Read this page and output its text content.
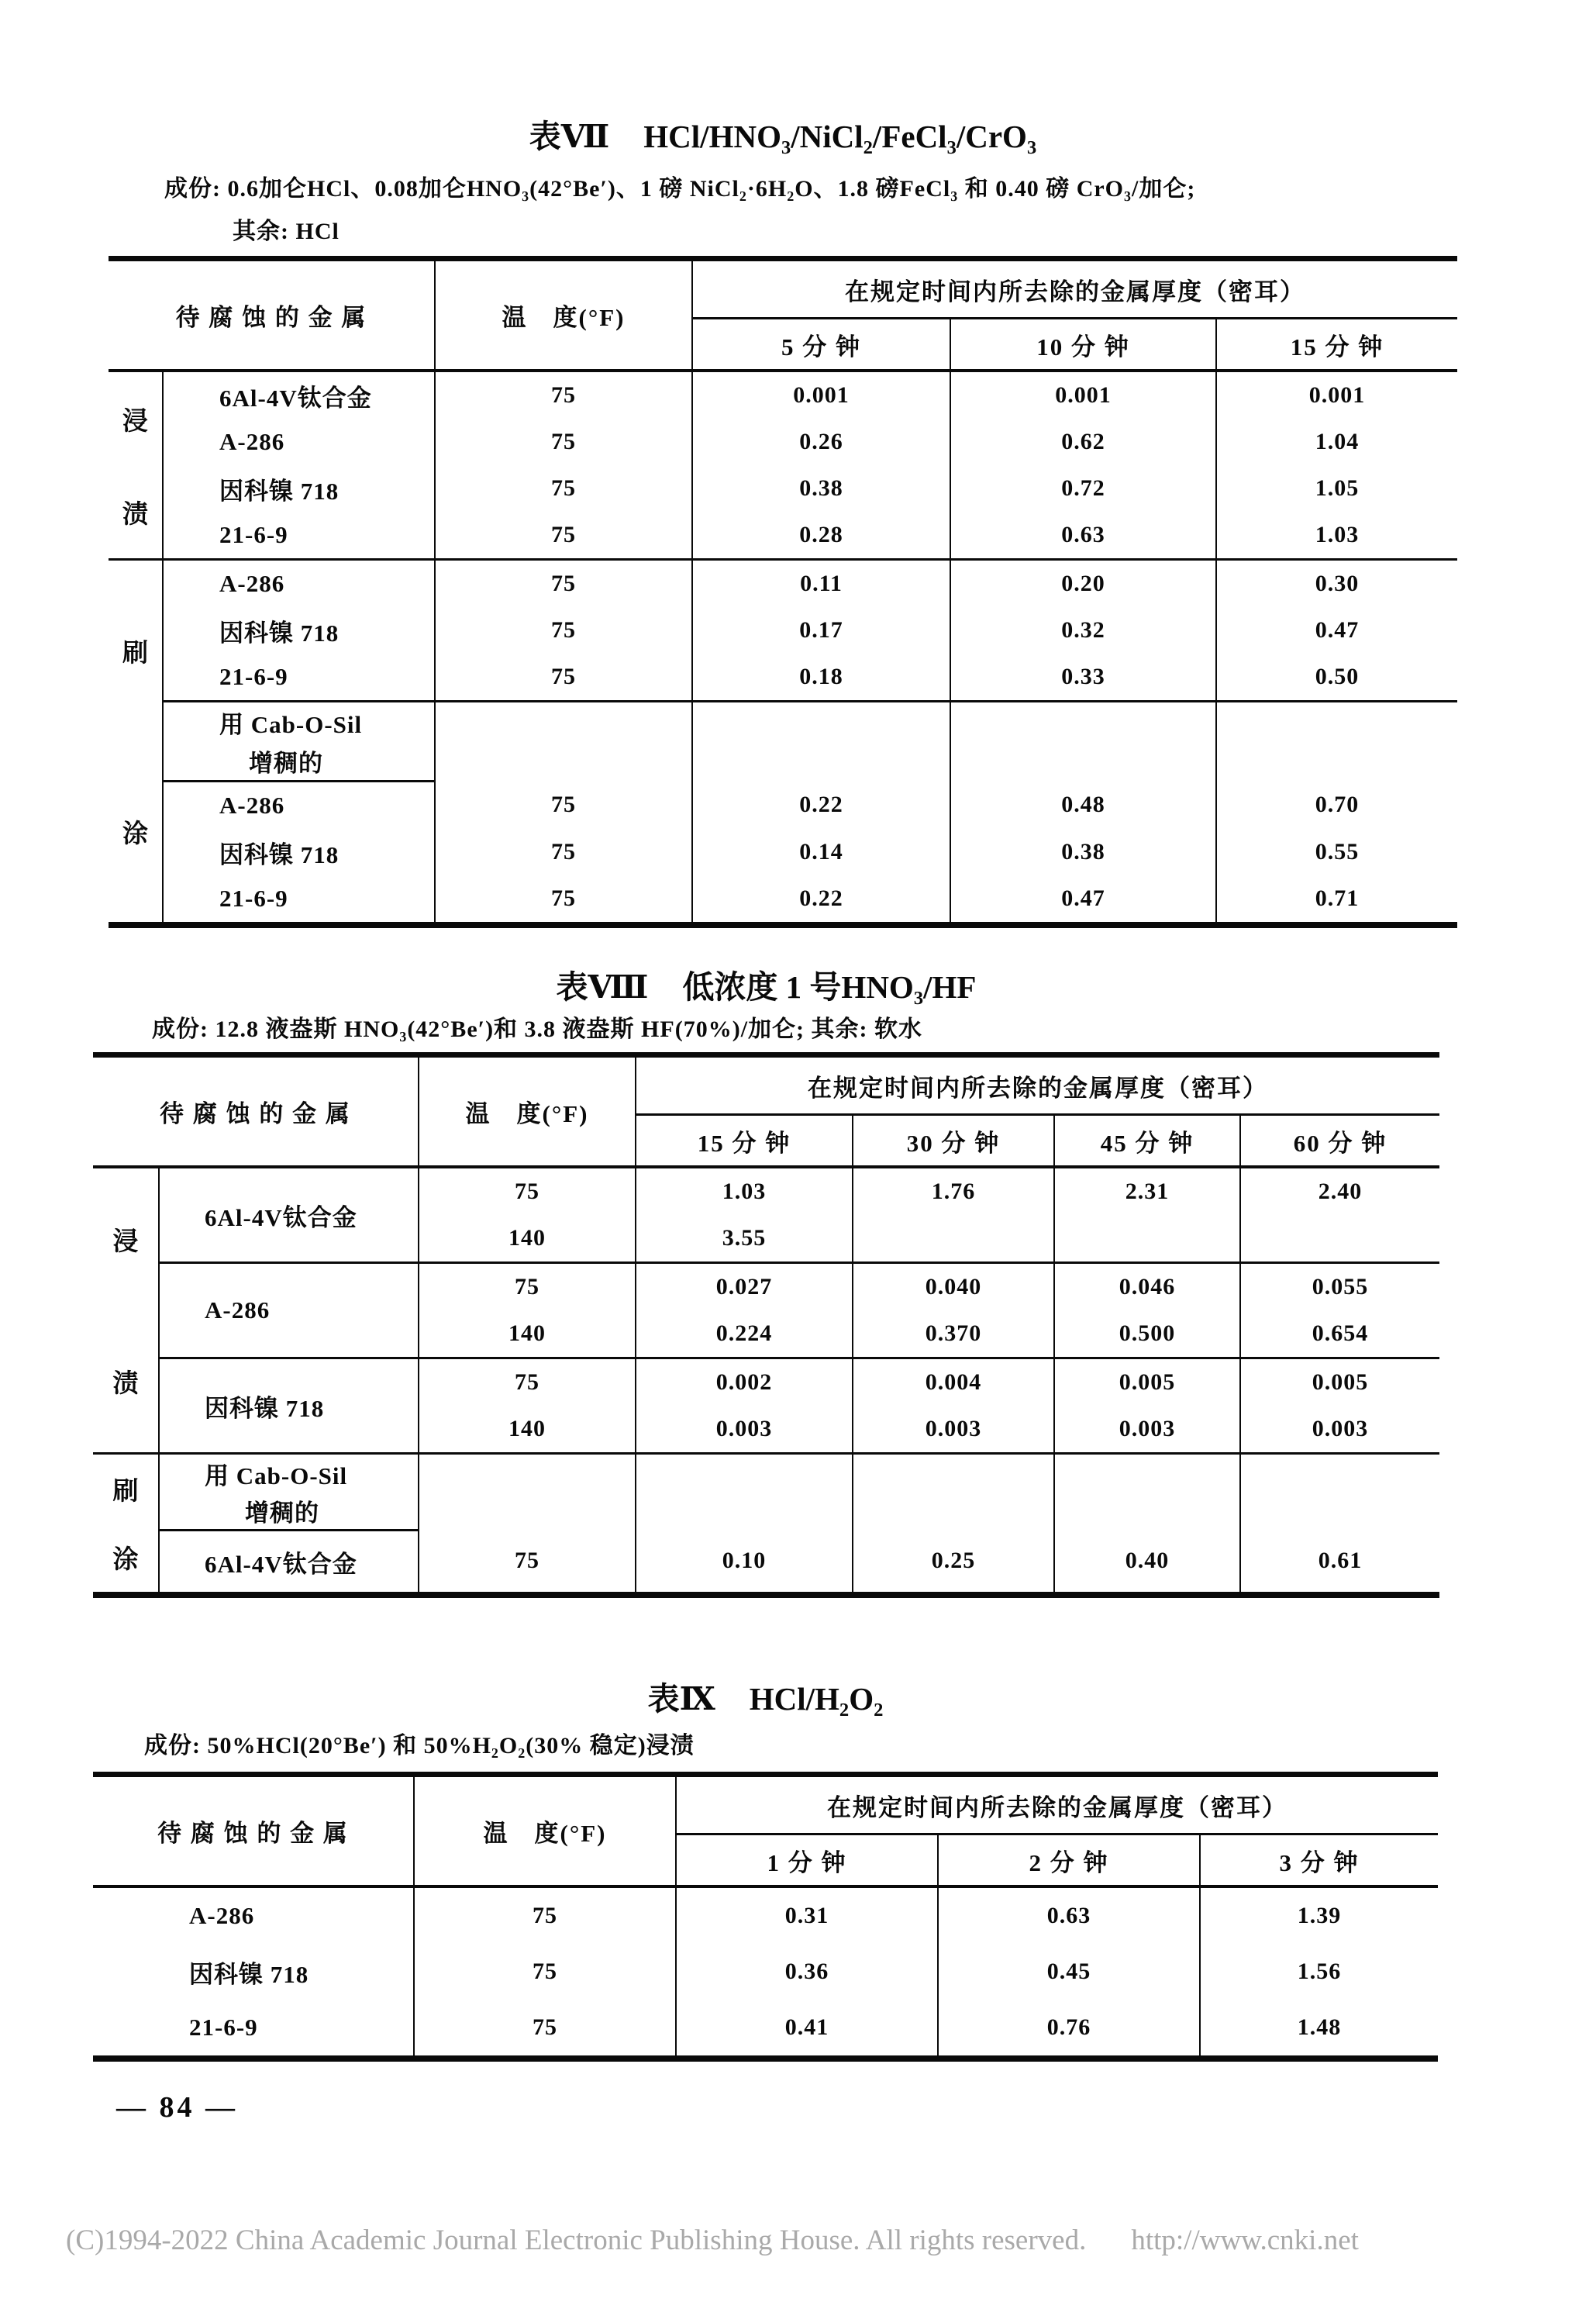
表Ⅶ HCl/HNO₃/NiCl₂/FeCl₃/CrO₃
成份: 0.6加仑HCl、0.08加仑HNO₃(42°Be′)、1 磅 NiCl₂·6H₂O、1.8 磅FeCl₃ 和 0.40 磅 CrO₃/加仑;
其余: HCl
待 腐 蚀 的 金 属		温　度(°F)	在规定时间内所去除的金属厚度（密耳）		
			5 分 钟	10 分 钟	15 分 钟

浸
渍	6Al-4V钛合金	75	0.001	0.001	0.001
	A-286	75	0.26	0.62	1.04
	因科镍 718	75	0.38	0.72	1.05
	21-6-9	75	0.28	0.63	1.03

刷
涂	A-286	75	0.11	0.20	0.30
	因科镍 718	75	0.17	0.32	0.47
	21-6-9	75	0.18	0.33	0.50
	用 Cab-O-Sil				
	增稠的				
	A-286	75	0.22	0.48	0.70
	因科镍 718	75	0.14	0.38	0.55
	21-6-9	75	0.22	0.47	0.71
表Ⅷ 低浓度 1 号HNO₃/HF
成份: 12.8 液盎斯 HNO₃(42°Be′)和 3.8 液盎斯 HF(70%)/加仑; 其余: 软水
待 腐 蚀 的 金 属		温　度(°F)	在规定时间内所去除的金属厚度（密耳）			
			15 分 钟	30 分 钟	45 分 钟	60 分 钟

浸
渍	6Al-4V钛合金	75	1.03	1.76	2.31	2.40
		140	3.55			
	A-286	75	0.027	0.040	0.046	0.055
		140	0.224	0.370	0.500	0.654
	因科镍 718	75	0.002	0.004	0.005	0.005
		140	0.003	0.003	0.003	0.003

刷
涂	用 Cab-O-Sil					
	增稠的					
	6Al-4V钛合金	75	0.10	0.25	0.40	0.61
表Ⅸ HCl/H₂O₂
成份: 50%HCl(20°Be′) 和 50%H₂O₂(30% 稳定)浸渍
待 腐 蚀 的 金 属	温　度(°F)	在规定时间内所去除的金属厚度（密耳）		
		1 分 钟	2 分 钟	3 分 钟
A-286	75	0.31	0.63	1.39
因科镍 718	75	0.36	0.45	1.56
21-6-9	75	0.41	0.76	1.48
— 84 —
(C)1994-2022 China Academic Journal Electronic Publishing House. All rights reserved. http://www.cnki.net
